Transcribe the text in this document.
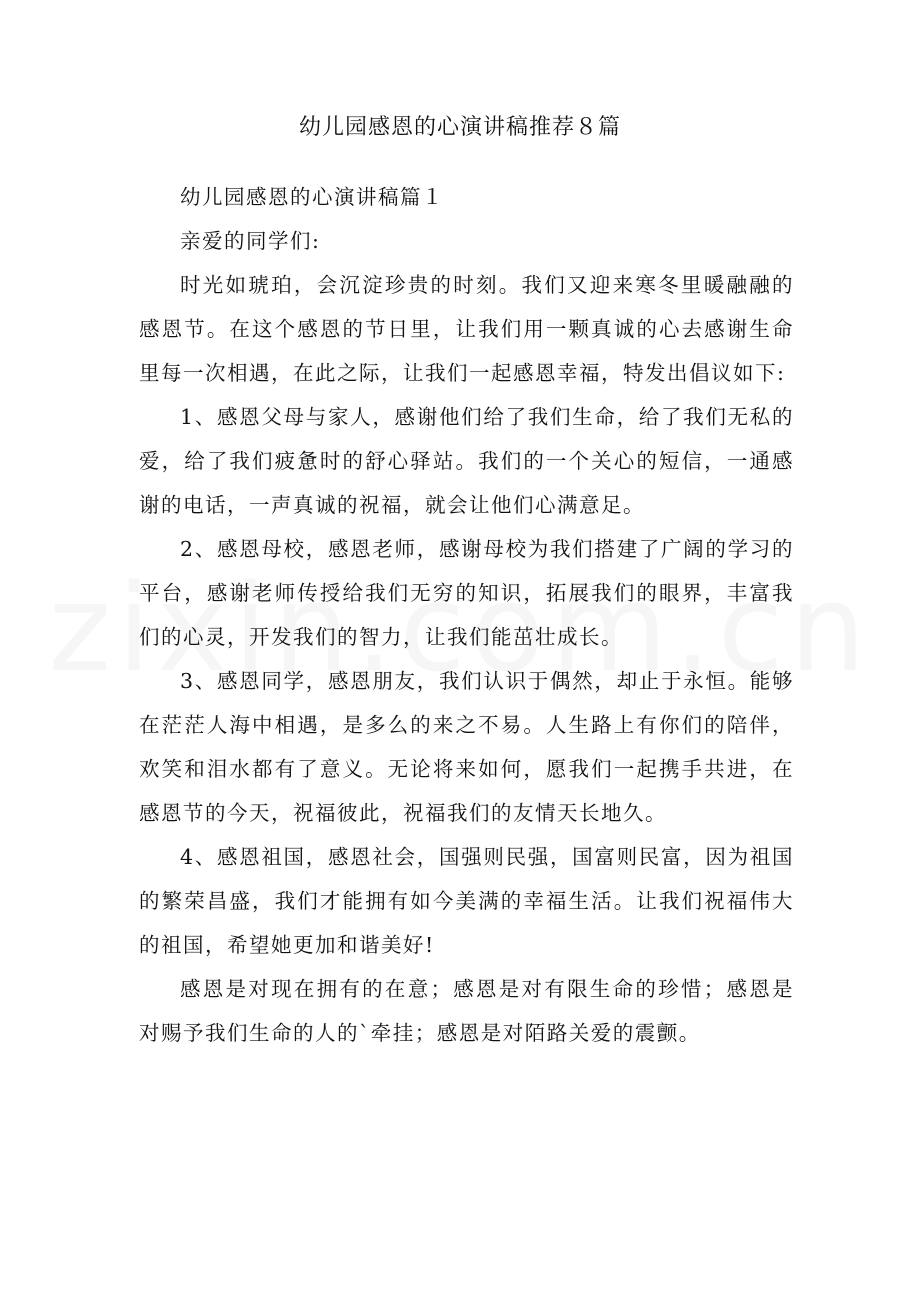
幼儿园感恩的心演讲稿推荐８篇

幼儿园感恩的心演讲稿篇１

亲爱的同学们:

时光如琥珀，会沉淀珍贵的时刻。我们又迎来寒冬里暖融融的感恩节。在这个感恩的节日里，让我们用一颗真诚的心去感谢生命里每一次相遇，在此之际，让我们一起感恩幸福，特发出倡议如下:

1、感恩父母与家人，感谢他们给了我们生命，给了我们无私的爱，给了我们疲惫时的舒心驿站。我们的一个关心的短信，一通感谢的电话，一声真诚的祝福，就会让他们心满意足。

2、感恩母校，感恩老师，感谢母校为我们搭建了广阔的学习的平台，感谢老师传授给我们无穷的知识，拓展我们的眼界，丰富我们的心灵，开发我们的智力，让我们能茁壮成长。

3、感恩同学，感恩朋友，我们认识于偶然，却止于永恒。能够在茫茫人海中相遇，是多么的来之不易。人生路上有你们的陪伴，欢笑和泪水都有了意义。无论将来如何，愿我们一起携手共进，在感恩节的今天，祝福彼此，祝福我们的友情天长地久。

4、感恩祖国，感恩社会，国强则民强，国富则民富，因为祖国的繁荣昌盛，我们才能拥有如今美满的幸福生活。让我们祝福伟大的祖国，希望她更加和谐美好!

感恩是对现在拥有的在意；感恩是对有限生命的珍惜；感恩是对赐予我们生命的人的`牵挂；感恩是对陌路关爱的震颤。
